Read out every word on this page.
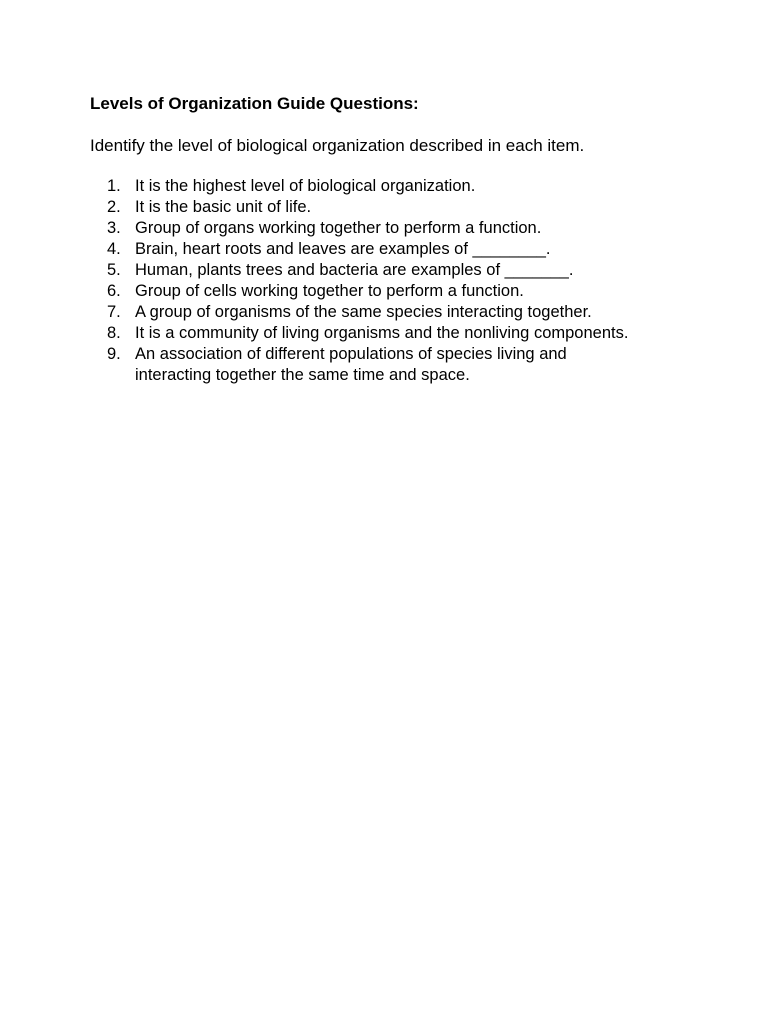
Levels of Organization Guide Questions:

Identify the level of biological organization described in each item.

1. It is the highest level of biological organization.
2. It is the basic unit of life.
3. Group of organs working together to perform a function.
4. Brain, heart roots and leaves are examples of ________.
5. Human, plants trees and bacteria are examples of _______.
6. Group of cells working together to perform a function.
7. A group of organisms of the same species interacting together.
8. It is a community of living organisms and the nonliving components.
9. An association of different populations of species living and
interacting together the same time and space.
